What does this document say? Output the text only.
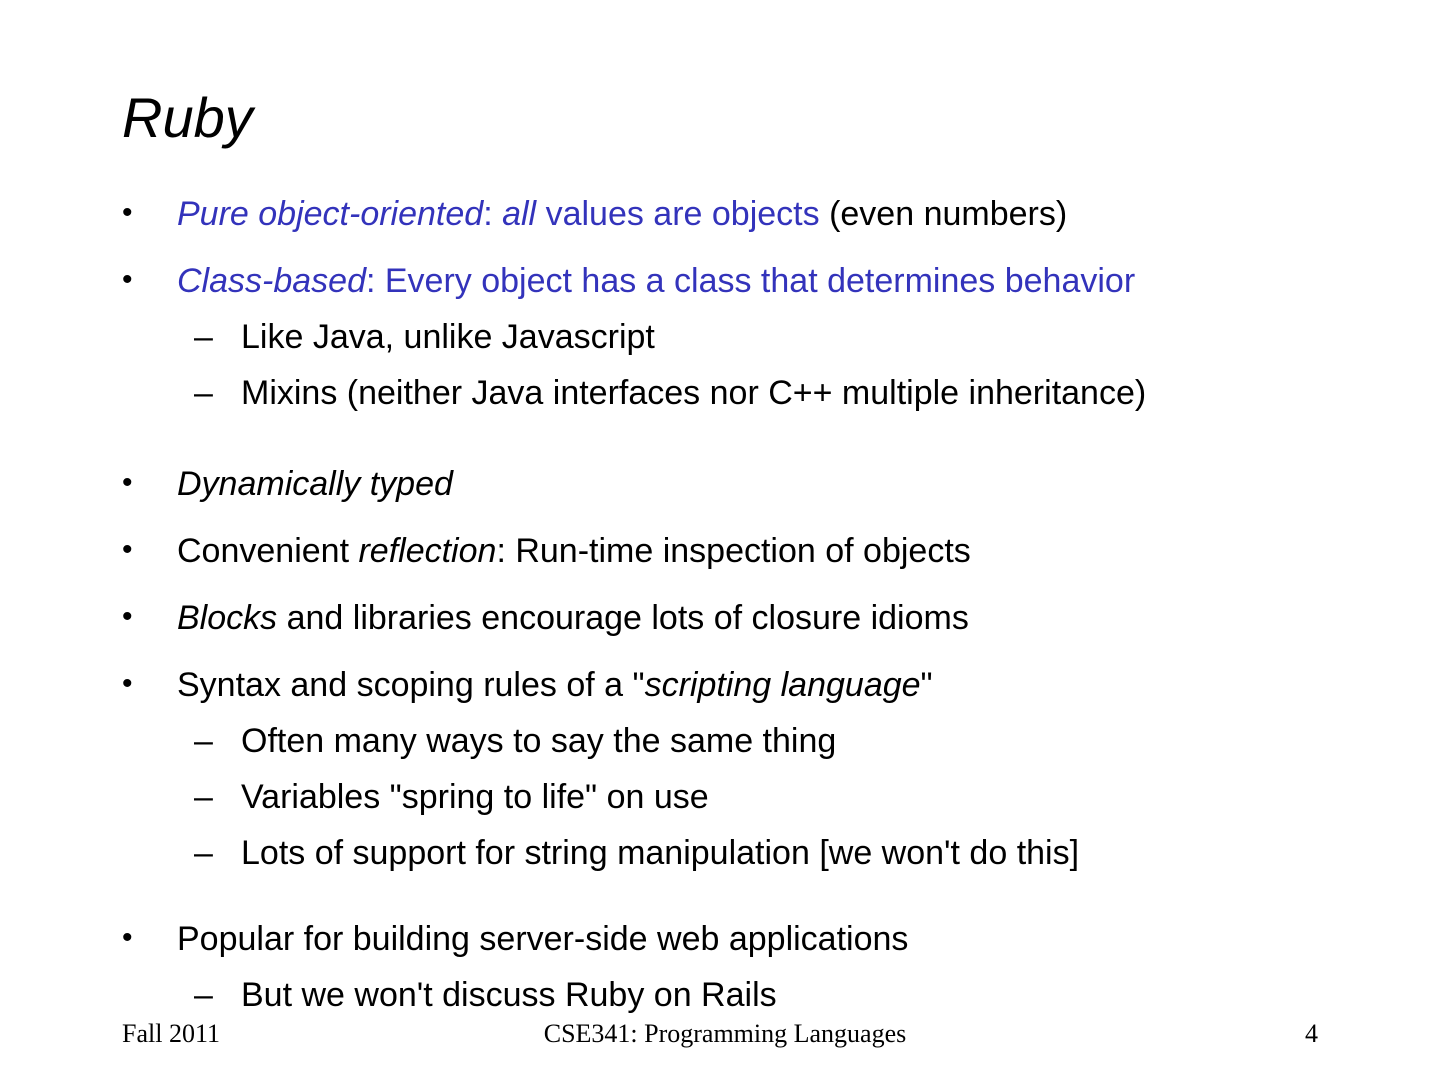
Ruby
• Pure object-oriented: all values are objects (even numbers)
• Class-based: Every object has a class that determines behavior
– Like Java, unlike Javascript
– Mixins (neither Java interfaces nor C++ multiple inheritance)
• Dynamically typed
• Convenient reflection: Run-time inspection of objects
• Blocks and libraries encourage lots of closure idioms
• Syntax and scoping rules of a "scripting language"
– Often many ways to say the same thing
– Variables "spring to life" on use
– Lots of support for string manipulation [we won't do this]
• Popular for building server-side web applications
– But we won't discuss Ruby on Rails
Fall 2011	CSE341: Programming Languages	4
